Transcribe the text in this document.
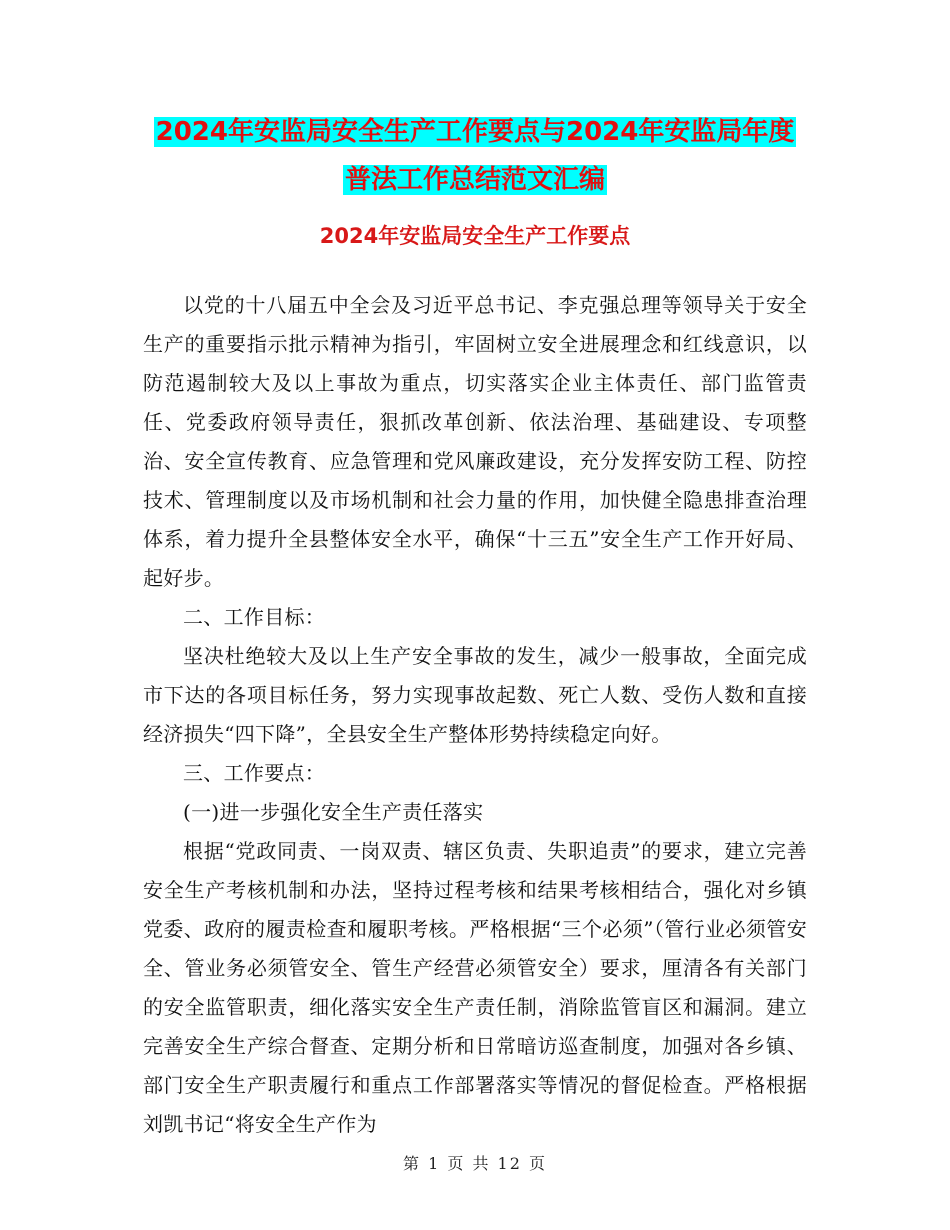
2024年安监局安全生产工作要点与2024年安监局年度
普法工作总结范文汇编
2024年安监局安全生产工作要点

以党的十八届五中全会及习近平总书记、李克强总理等领导关于安全生产的重要指示批示精神为指引，牢固树立安全进展理念和红线意识，以防范遏制较大及以上事故为重点，切实落实企业主体责任、部门监管责任、党委政府领导责任，狠抓改革创新、依法治理、基础建设、专项整治、安全宣传教育、应急管理和党风廉政建设，充分发挥安防工程、防控技术、管理制度以及市场机制和社会力量的作用，加快健全隐患排查治理体系，着力提升全县整体安全水平，确保“十三五”安全生产工作开好局、起好步。

二、工作目标：

坚决杜绝较大及以上生产安全事故的发生，减少一般事故，全面完成市下达的各项目标任务，努力实现事故起数、死亡人数、受伤人数和直接经济损失“四下降”，全县安全生产整体形势持续稳定向好。

三、工作要点：

(一)进一步强化安全生产责任落实

根据“党政同责、一岗双责、辖区负责、失职追责”的要求，建立完善安全生产考核机制和办法，坚持过程考核和结果考核相结合，强化对乡镇党委、政府的履责检查和履职考核。严格根据“三个必须”（管行业必须管安全、管业务必须管安全、管生产经营必须管安全）要求，厘清各有关部门的安全监管职责，细化落实安全生产责任制，消除监管盲区和漏洞。建立完善安全生产综合督查、定期分析和日常暗访巡查制度，加强对各乡镇、部门安全生产职责履行和重点工作部署落实等情况的督促检查。严格根据刘凯书记“将安全生产作为

第 1 页 共 12 页
